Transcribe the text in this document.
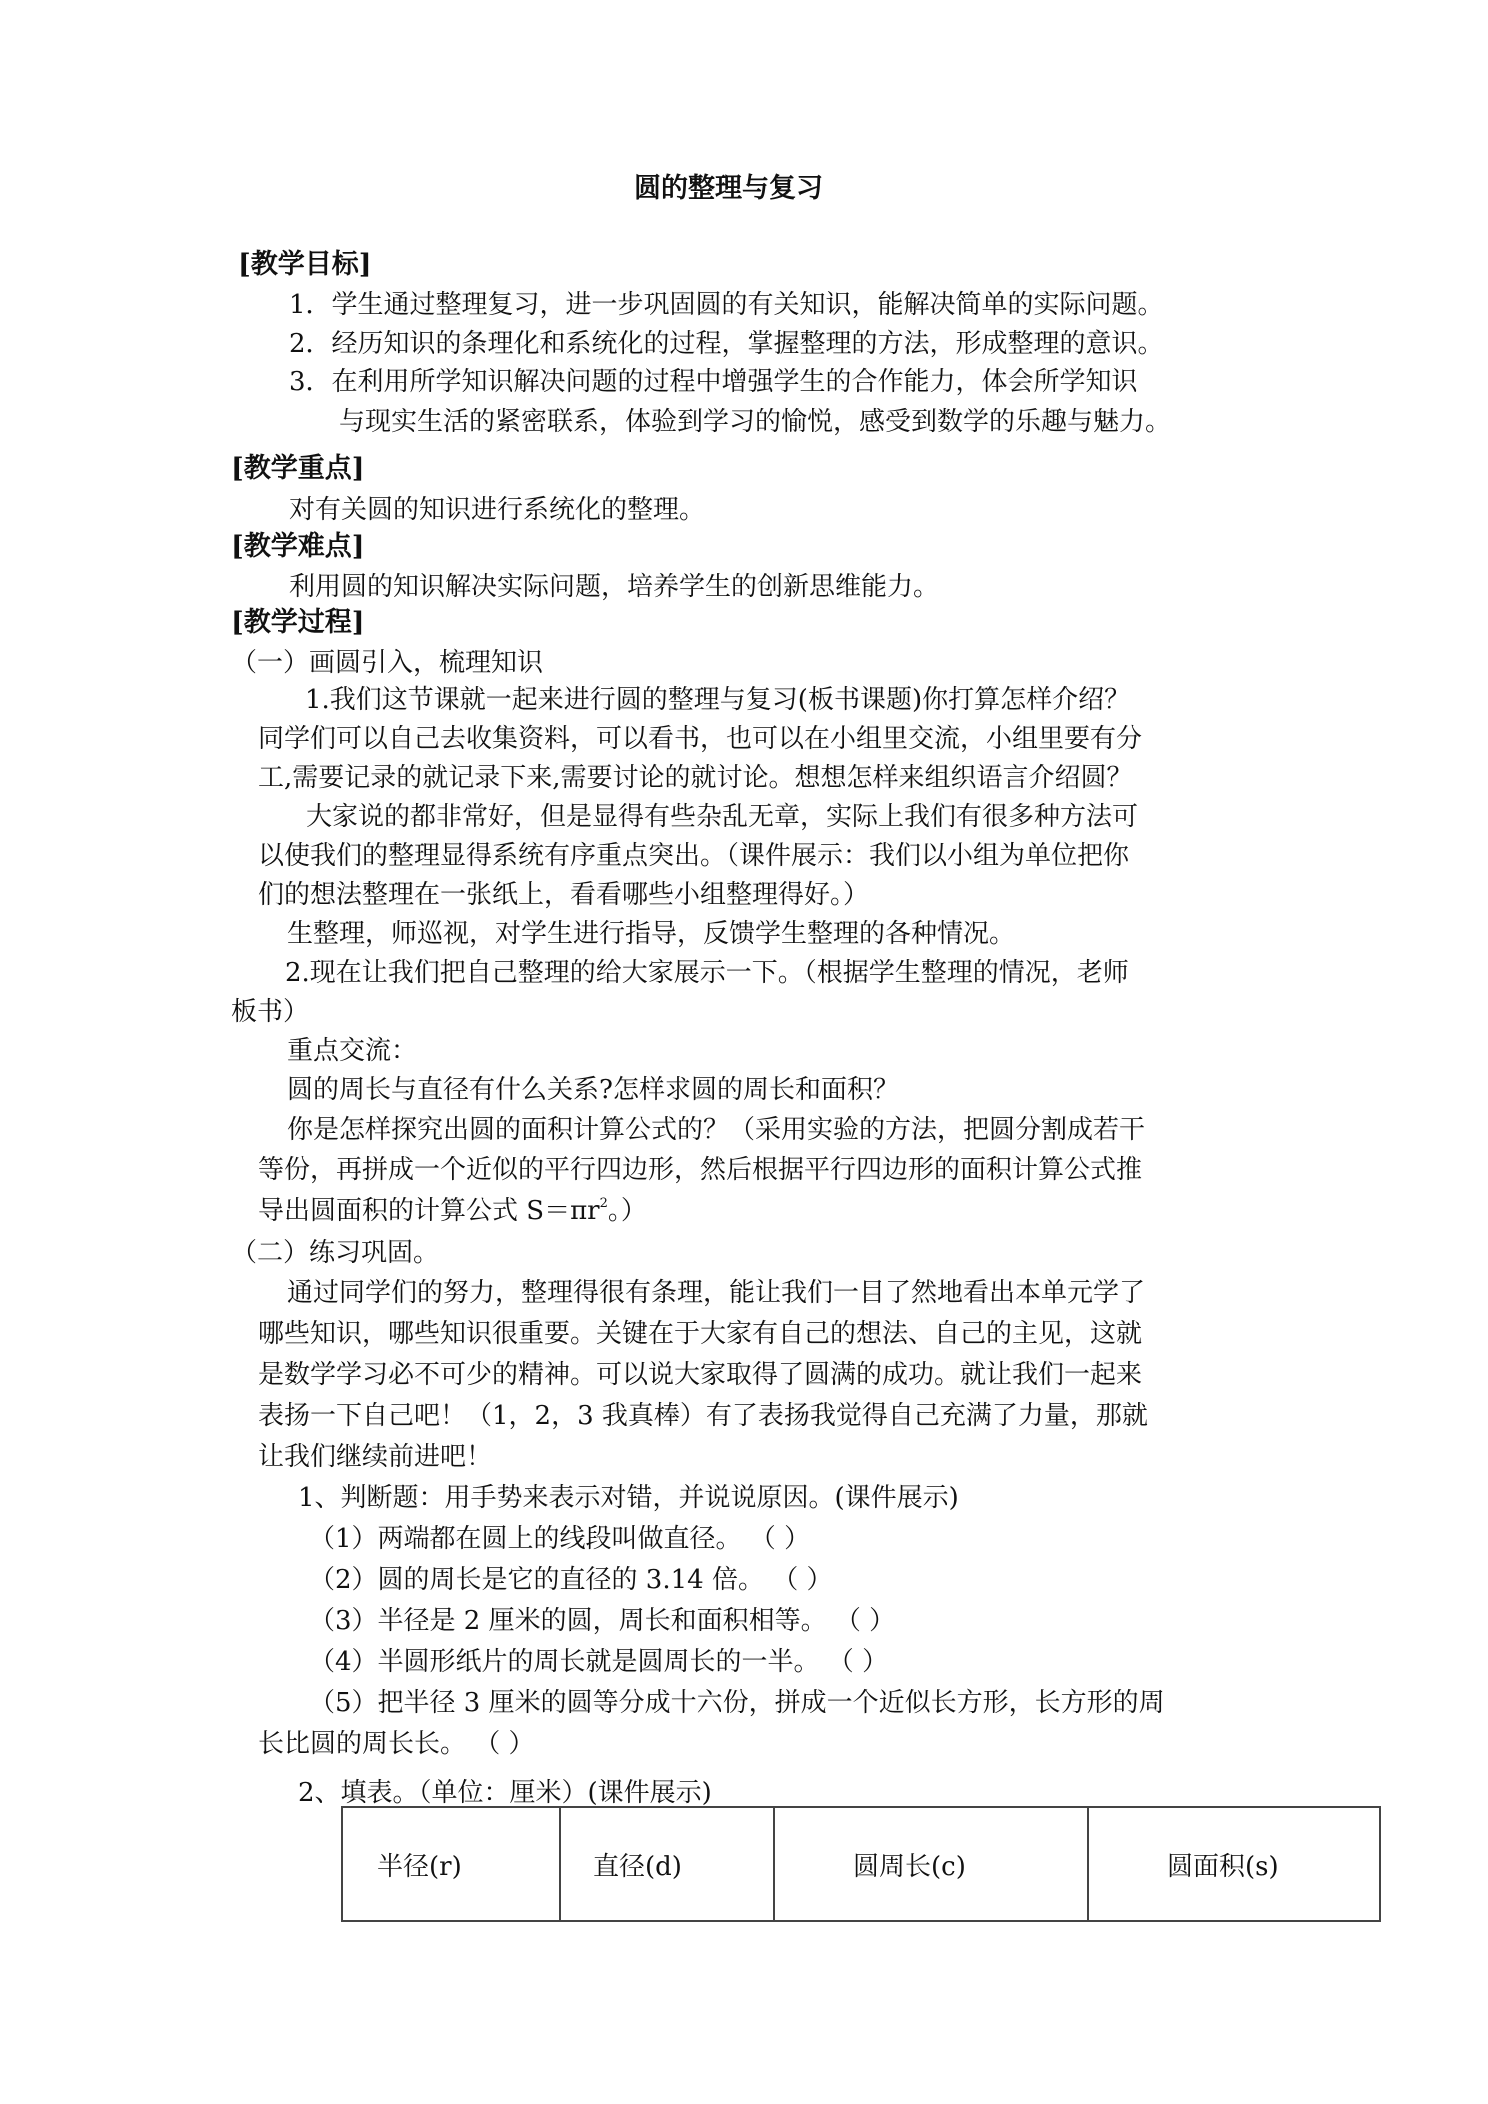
圆的整理与复习
[教学目标]
1．学生通过整理复习，进一步巩固圆的有关知识，能解决简单的实际问题。
2．经历知识的条理化和系统化的过程，掌握整理的方法，形成整理的意识。
3．在利用所学知识解决问题的过程中增强学生的合作能力，体会所学知识
与现实生活的紧密联系，体验到学习的愉悦，感受到数学的乐趣与魅力。
[教学重点]
对有关圆的知识进行系统化的整理。
[教学难点]
利用圆的知识解决实际问题，培养学生的创新思维能力。
[教学过程]
（一）画圆引入，梳理知识
1.我们这节课就一起来进行圆的整理与复习(板书课题)你打算怎样介绍？
同学们可以自己去收集资料，可以看书，也可以在小组里交流，小组里要有分
工,需要记录的就记录下来,需要讨论的就讨论。想想怎样来组织语言介绍圆？
大家说的都非常好，但是显得有些杂乱无章，实际上我们有很多种方法可
以使我们的整理显得系统有序重点突出。（课件展示：我们以小组为单位把你
们的想法整理在一张纸上，看看哪些小组整理得好。）
生整理，师巡视，对学生进行指导，反馈学生整理的各种情况。
2.现在让我们把自己整理的给大家展示一下。（根据学生整理的情况，老师
板书）
重点交流：
圆的周长与直径有什么关系?怎样求圆的周长和面积？
你是怎样探究出圆的面积计算公式的？（采用实验的方法，把圆分割成若干
等份，再拼成一个近似的平行四边形，然后根据平行四边形的面积计算公式推
导出圆面积的计算公式 $S=\pi r^2$。）
（二）练习巩固。
通过同学们的努力，整理得很有条理，能让我们一目了然地看出本单元学了
哪些知识，哪些知识很重要。关键在于大家有自己的想法、自己的主见，这就
是数学学习必不可少的精神。可以说大家取得了圆满的成功。就让我们一起来
表扬一下自己吧！（1，2，3 我真棒）有了表扬我觉得自己充满了力量，那就
让我们继续前进吧！
1、判断题：用手势来表示对错，并说说原因。(课件展示)
（1）两端都在圆上的线段叫做直径。 （ ）
（2）圆的周长是它的直径的 3.14 倍。 （ ）
（3）半径是 2 厘米的圆，周长和面积相等。 （ ）
（4）半圆形纸片的周长就是圆周长的一半。 （ ）
（5）把半径 3 厘米的圆等分成十六份，拼成一个近似长方形，长方形的周
长比圆的周长长。 （ ）
2、填表。（单位：厘米）(课件展示)
半径(r)	直径(d)	圆周长(c)	圆面积(s)
